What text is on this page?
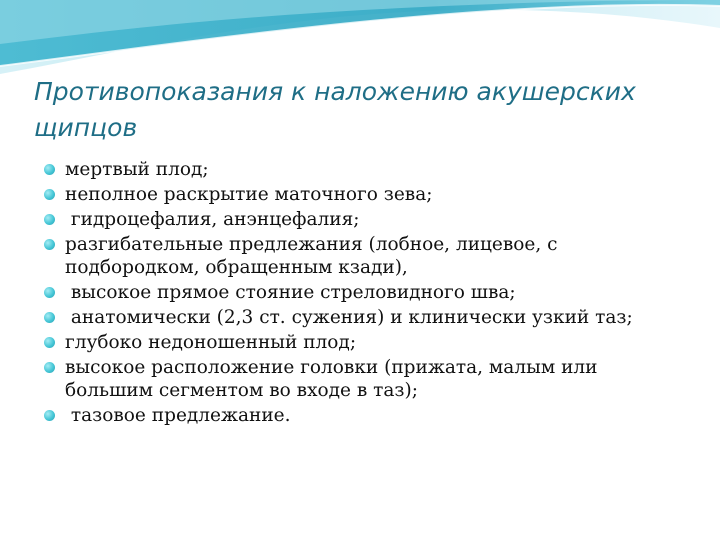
Противопоказания к наложению акушерских щипцов
мертвый плод;
неполное раскрытие маточного зева;
гидроцефалия, анэнцефалия;
разгибательные предлежания (лобное, лицевое, с подбородком, обращенным кзади),
высокое прямое стояние стреловидного шва;
анатомически (2,3 ст. сужения) и клинически узкий таз;
глубоко недоношенный плод;
высокое расположение головки (прижата, малым или большим сегментом во входе в таз);
тазовое предлежание.
